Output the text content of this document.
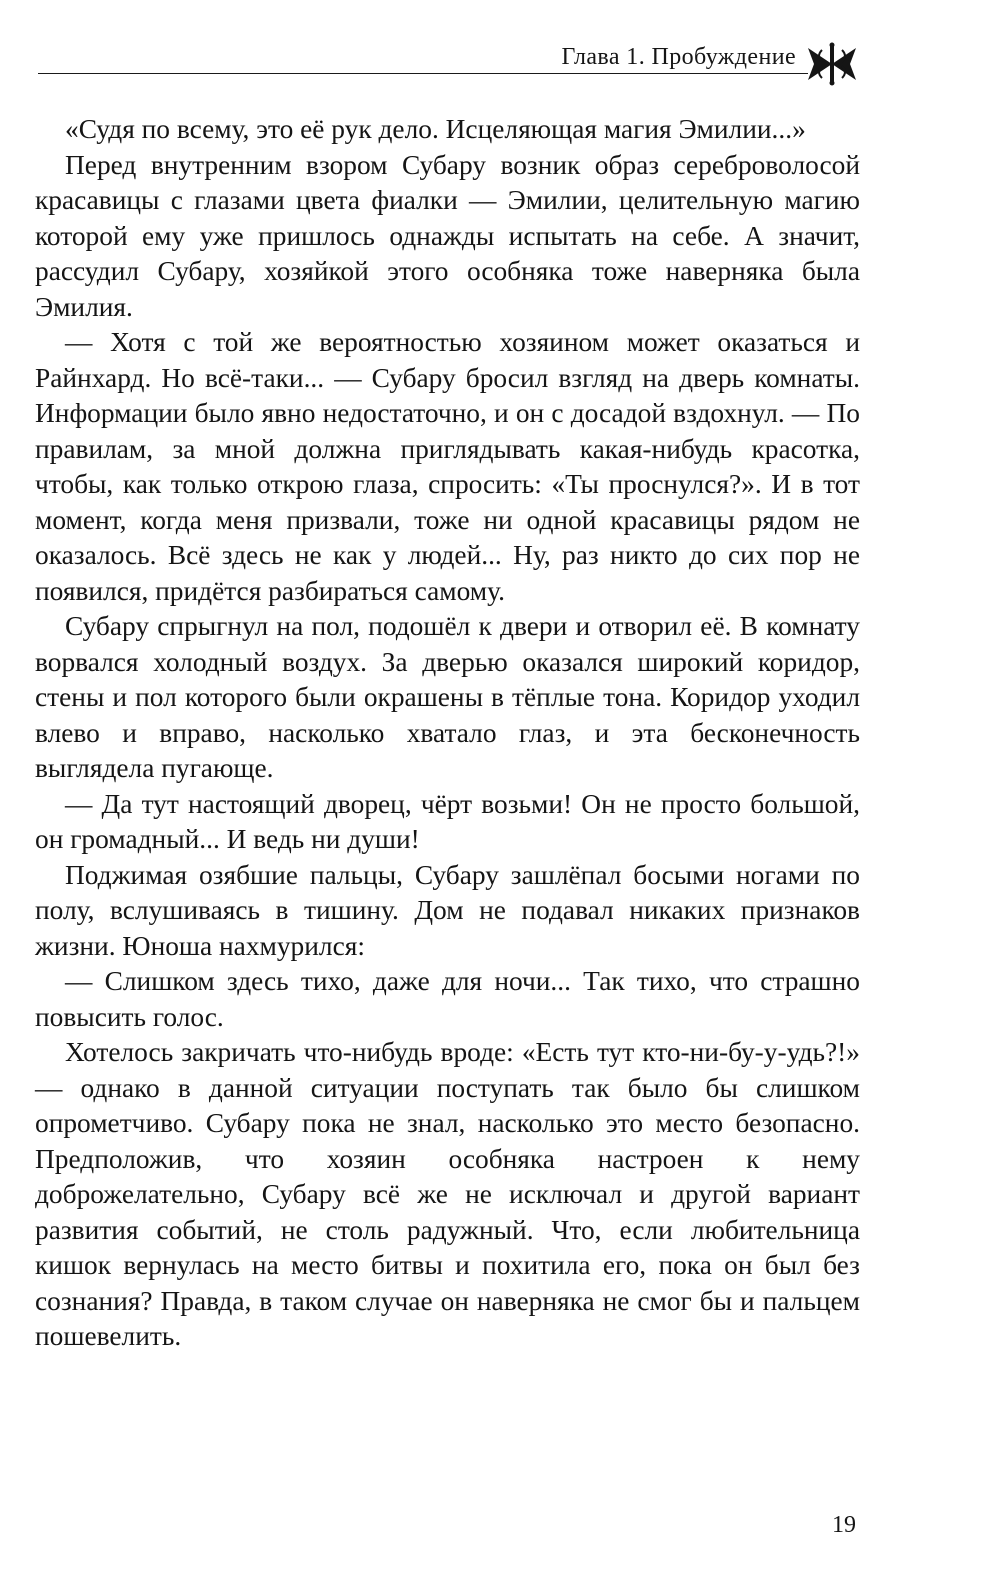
Глава 1. Пробуждение

«Судя по всему, это её рук дело. Исцеляющая магия Эмилии...»

Перед внутренним взором Субару возник образ сереброволосой красавицы с глазами цвета фиалки — Эмилии, целительную магию которой ему уже пришлось однажды испытать на себе. А значит, рассудил Субару, хозяйкой этого особняка тоже наверняка была Эмилия.

— Хотя с той же вероятностью хозяином может оказаться и Райнхард. Но всё-таки... — Субару бросил взгляд на дверь комнаты. Информации было явно недостаточно, и он с досадой вздохнул. — По правилам, за мной должна приглядывать какая-нибудь красотка, чтобы, как только открою глаза, спросить: «Ты проснулся?». И в тот момент, когда меня призвали, тоже ни одной красавицы рядом не оказалось. Всё здесь не как у людей... Ну, раз никто до сих пор не появился, придётся разбираться самому.

Субару спрыгнул на пол, подошёл к двери и отворил её. В комнату ворвался холодный воздух. За дверью оказался широкий коридор, стены и пол которого были окрашены в тёплые тона. Коридор уходил влево и вправо, насколько хватало глаз, и эта бесконечность выглядела пугающе.

— Да тут настоящий дворец, чёрт возьми! Он не просто большой, он громадный... И ведь ни души!

Поджимая озябшие пальцы, Субару зашлёпал босыми ногами по полу, вслушиваясь в тишину. Дом не подавал никаких признаков жизни. Юноша нахмурился:

— Слишком здесь тихо, даже для ночи... Так тихо, что страшно повысить голос.

Хотелось закричать что-нибудь вроде: «Есть тут кто-ни-бу-у-удь?!» — однако в данной ситуации поступать так было бы слишком опрометчиво. Субару пока не знал, насколько это место безопасно. Предположив, что хозяин особняка настроен к нему доброжелательно, Субару всё же не исключал и другой вариант развития событий, не столь радужный. Что, если любительница кишок вернулась на место битвы и похитила его, пока он был без сознания? Правда, в таком случае он наверняка не смог бы и пальцем пошевелить.

19
